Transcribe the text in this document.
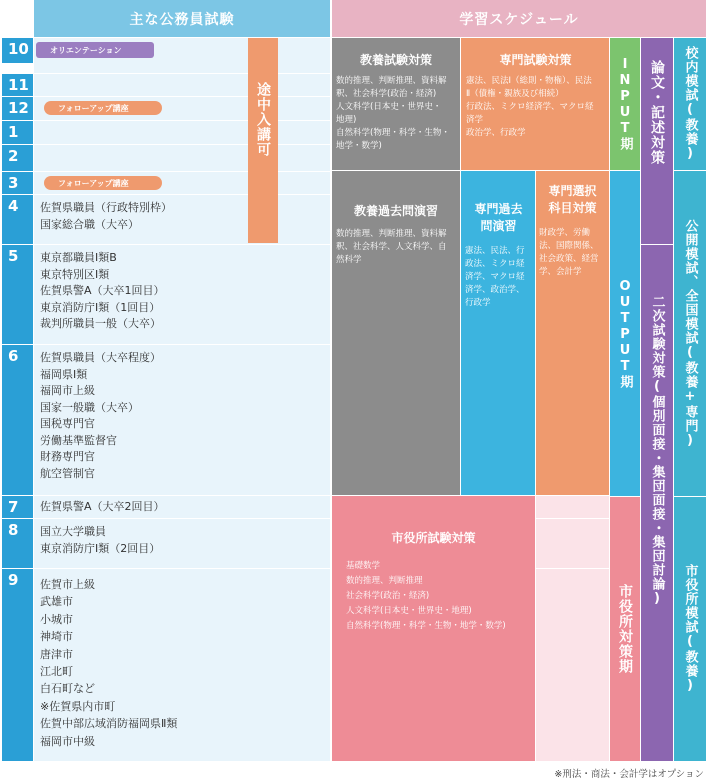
主な公務員試験	学習スケジュール
10
11
12
1
2
3
4
5
6
7
8
9
佐賀県職員（行政特別枠）
国家総合職（大卒）
東京都職員Ⅰ類B
東京特別区Ⅰ類
佐賀県警A（大卒1回目）
東京消防庁Ⅰ類（1回目）
裁判所職員一般（大卒）
佐賀県職員（大卒程度）
福岡県Ⅰ類
福岡市上級
国家一般職（大卒）
国税専門官
労働基準監督官
財務専門官
航空管制官
佐賀県警A（大卒2回目）
国立大学職員
東京消防庁Ⅰ類（2回目）
佐賀市上級
武雄市
小城市
神埼市
唐津市
江北町
白石町など
※佐賀県内市町
佐賀中部広域消防福岡県Ⅱ類
福岡市中級
オリエンテーション
フォローアップ講座
フォローアップ講座
途中入講可
教養試験対策
数的推理、判断推理、資料解
釈、社会科学(政治・経済)
人文科学(日本史・世界史・
地理)
自然科学(物理・科学・生物・
地学・数学)
専門試験対策
憲法、民法Ⅰ（総則・物権）、民法
Ⅱ（債権・親族及び相続）
行政法、ミクロ経済学、マクロ経
済学
政治学、行政学
教養過去問演習
数的推理、判断推理、資料解
釈、社会科学、人文科学、自
然科学
専門過去
問演習
憲法、民法、行
政法、ミクロ経
済学、マクロ経
済学、政治学、
行政学
専門選択
科目対策
財政学、労働
法、国際関係、
社会政策、経営
学、会計学
市役所試験対策
基礎数学
数的推理、判断推理
社会科学(政治・経済)
人文科学(日本史・世界史・地理)
自然科学(物理・科学・生物・地学・数学)
INPUT期
OUTPUT期
市役所対策期
論文・記述対策
二次試験対策(個別面接・集団面接・集団討論)
校内模試(教養)
公開模試、全国模試(教養+専門)
市役所模試(教養)
※刑法・商法・会計学はオプション
